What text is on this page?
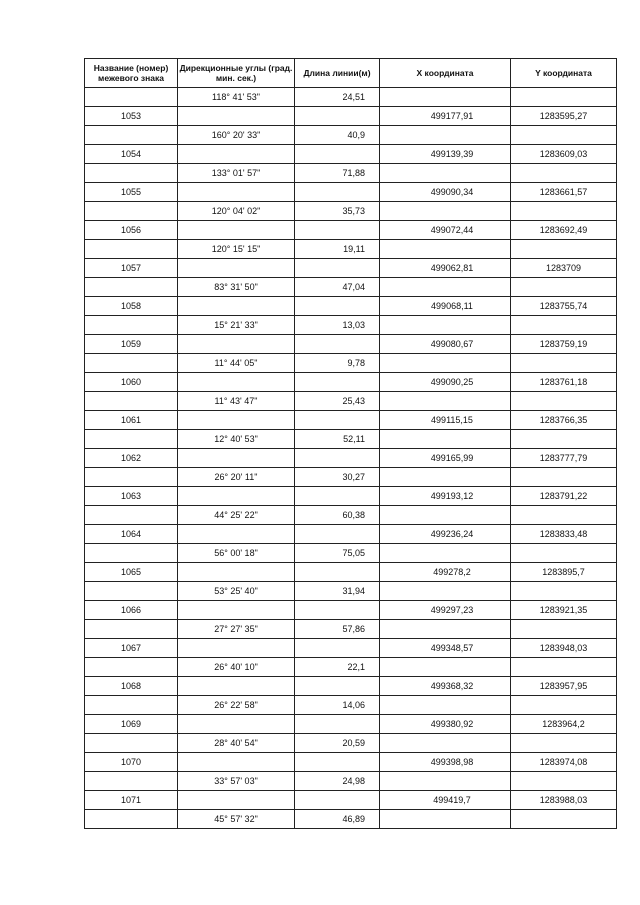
Название (номер) межевого знака	Дирекционные углы (град. мин. сек.)	Длина линии(м)	X координата	Y координата
	118° 41' 53"	24,51		
1053			499177,91	1283595,27
	160° 20' 33"	40,9		
1054			499139,39	1283609,03
	133° 01' 57"	71,88		
1055			499090,34	1283661,57
	120° 04' 02"	35,73		
1056			499072,44	1283692,49
	120° 15' 15"	19,11		
1057			499062,81	1283709
	83° 31' 50"	47,04		
1058			499068,11	1283755,74
	15° 21' 33"	13,03		
1059			499080,67	1283759,19
	11° 44' 05"	9,78		
1060			499090,25	1283761,18
	11° 43' 47"	25,43		
1061			499115,15	1283766,35
	12° 40' 53"	52,11		
1062			499165,99	1283777,79
	26° 20' 11"	30,27		
1063			499193,12	1283791,22
	44° 25' 22"	60,38		
1064			499236,24	1283833,48
	56° 00' 18"	75,05		
1065			499278,2	1283895,7
	53° 25' 40"	31,94		
1066			499297,23	1283921,35
	27° 27' 35"	57,86		
1067			499348,57	1283948,03
	26° 40' 10"	22,1		
1068			499368,32	1283957,95
	26° 22' 58"	14,06		
1069			499380,92	1283964,2
	28° 40' 54"	20,59		
1070			499398,98	1283974,08
	33° 57' 03"	24,98		
1071			499419,7	1283988,03
	45° 57' 32"	46,89		
